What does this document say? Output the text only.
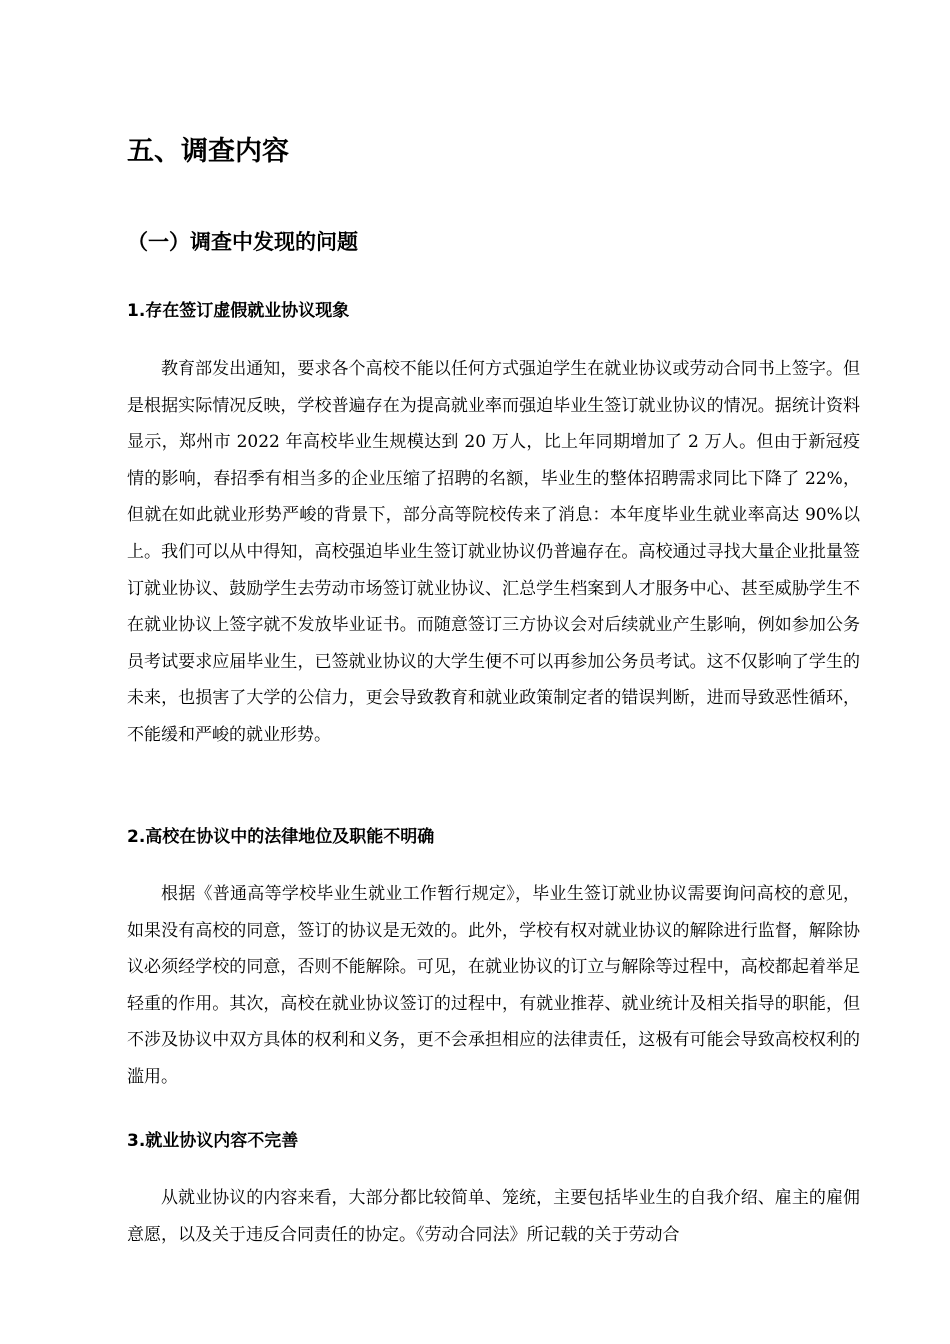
五、调查内容
（一）调查中发现的问题
1.存在签订虚假就业协议现象

教育部发出通知，要求各个高校不能以任何方式强迫学生在就业协议或劳动合同书上签字。但是根据实际情况反映，学校普遍存在为提高就业率而强迫毕业生签订就业协议的情况。据统计资料显示，郑州市 2022 年高校毕业生规模达到 20 万人，比上年同期增加了 2 万人。但由于新冠疫情的影响，春招季有相当多的企业压缩了招聘的名额，毕业生的整体招聘需求同比下降了 22%，但就在如此就业形势严峻的背景下，部分高等院校传来了消息：本年度毕业生就业率高达 90%以上。我们可以从中得知，高校强迫毕业生签订就业协议仍普遍存在。高校通过寻找大量企业批量签订就业协议、鼓励学生去劳动市场签订就业协议、汇总学生档案到人才服务中心、甚至威胁学生不在就业协议上签字就不发放毕业证书。而随意签订三方协议会对后续就业产生影响，例如参加公务员考试要求应届毕业生，已签就业协议的大学生便不可以再参加公务员考试。这不仅影响了学生的未来，也损害了大学的公信力，更会导致教育和就业政策制定者的错误判断，进而导致恶性循环，不能缓和严峻的就业形势。

2.高校在协议中的法律地位及职能不明确

根据《普通高等学校毕业生就业工作暂行规定》，毕业生签订就业协议需要询问高校的意见，如果没有高校的同意，签订的协议是无效的。此外，学校有权对就业协议的解除进行监督，解除协议必须经学校的同意，否则不能解除。可见，在就业协议的订立与解除等过程中，高校都起着举足轻重的作用。其次，高校在就业协议签订的过程中，有就业推荐、就业统计及相关指导的职能，但不涉及协议中双方具体的权利和义务，更不会承担相应的法律责任，这极有可能会导致高校权利的滥用。

3.就业协议内容不完善

从就业协议的内容来看，大部分都比较简单、笼统，主要包括毕业生的自我介绍、雇主的雇佣意愿，以及关于违反合同责任的协定。《劳动合同法》所记载的关于劳动合
